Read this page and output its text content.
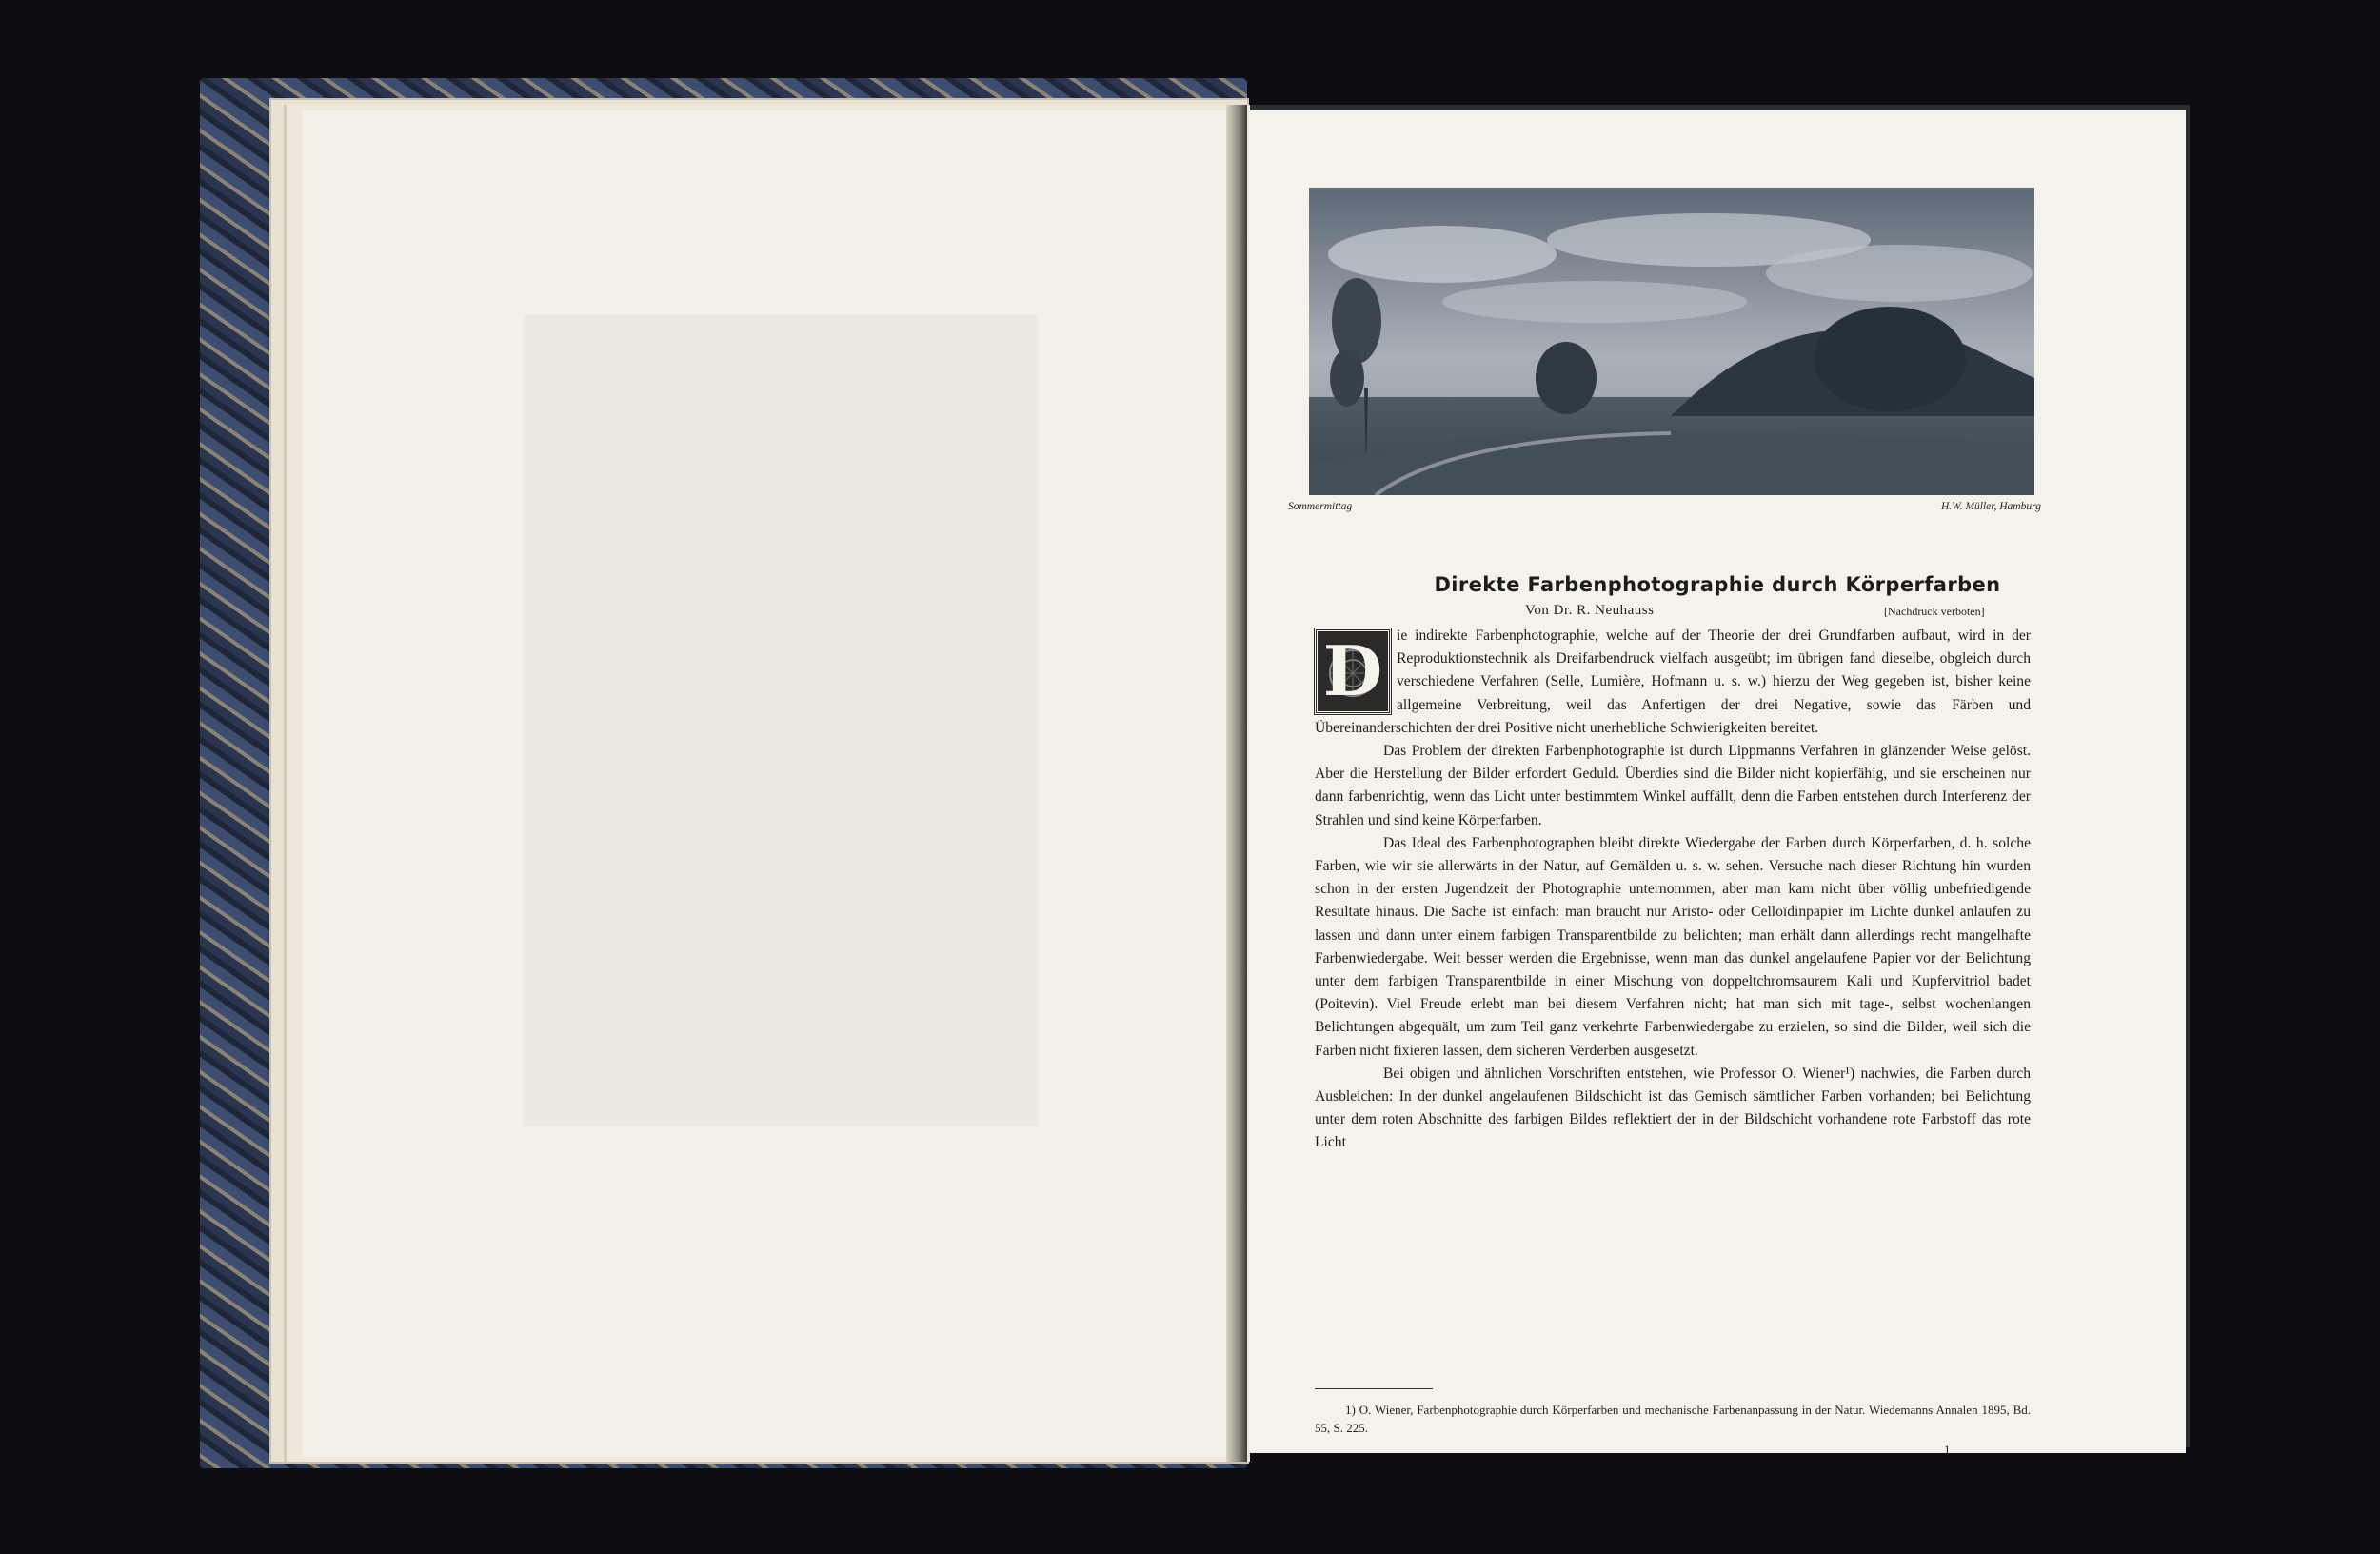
Sommermittag	H.W. Müller, Hamburg
Direkte Farbenphotographie durch Körperfarben
Von Dr. R. Neuhauss	[Nachdruck verboten]

D ie indirekte Farbenphotographie, welche auf der Theorie der drei Grundfarben aufbaut, wird in der Reproduktionstechnik als Dreifarbendruck vielfach ausgeübt; im übrigen fand dieselbe, obgleich durch verschiedene Verfahren (Selle, Lumière, Hofmann u. s. w.) hierzu der Weg gegeben ist, bisher keine allgemeine Verbreitung, weil das Anfertigen der drei Negative, sowie das Färben und Übereinanderschichten der drei Positive nicht unerhebliche Schwierigkeiten bereitet.

Das Problem der direkten Farbenphotographie ist durch Lippmanns Verfahren in glänzender Weise gelöst. Aber die Herstellung der Bilder erfordert Geduld. Überdies sind die Bilder nicht kopierfähig, und sie erscheinen nur dann farbenrichtig, wenn das Licht unter bestimmtem Winkel auffällt, denn die Farben entstehen durch Interferenz der Strahlen und sind keine Körperfarben.

Das Ideal des Farbenphotographen bleibt direkte Wiedergabe der Farben durch Körperfarben, d. h. solche Farben, wie wir sie allerwärts in der Natur, auf Gemälden u. s. w. sehen. Versuche nach dieser Richtung hin wurden schon in der ersten Jugendzeit der Photographie unternommen, aber man kam nicht über völlig unbefriedigende Resultate hinaus. Die Sache ist einfach: man braucht nur Aristo- oder Celloïdinpapier im Lichte dunkel anlaufen zu lassen und dann unter einem farbigen Transparentbilde zu belichten; man erhält dann allerdings recht mangelhafte Farbenwiedergabe. Weit besser werden die Ergebnisse, wenn man das dunkel angelaufene Papier vor der Belichtung unter dem farbigen Transparentbilde in einer Mischung von doppeltchromsaurem Kali und Kupfervitriol badet (Poitevin). Viel Freude erlebt man bei diesem Verfahren nicht; hat man sich mit tage-, selbst wochenlangen Belichtungen abgequält, um zum Teil ganz verkehrte Farbenwiedergabe zu erzielen, so sind die Bilder, weil sich die Farben nicht fixieren lassen, dem sicheren Verderben ausgesetzt.

Bei obigen und ähnlichen Vorschriften entstehen, wie Professor O. Wiener¹) nachwies, die Farben durch Ausbleichen: In der dunkel angelaufenen Bildschicht ist das Gemisch sämtlicher Farben vorhanden; bei Belichtung unter dem roten Abschnitte des farbigen Bildes reflektiert der in der Bildschicht vorhandene rote Farbstoff das rote Licht

1) O. Wiener, Farbenphotographie durch Körperfarben und mechanische Farbenanpassung in der Natur. Wiedemanns Annalen 1895, Bd. 55, S. 225.
1
